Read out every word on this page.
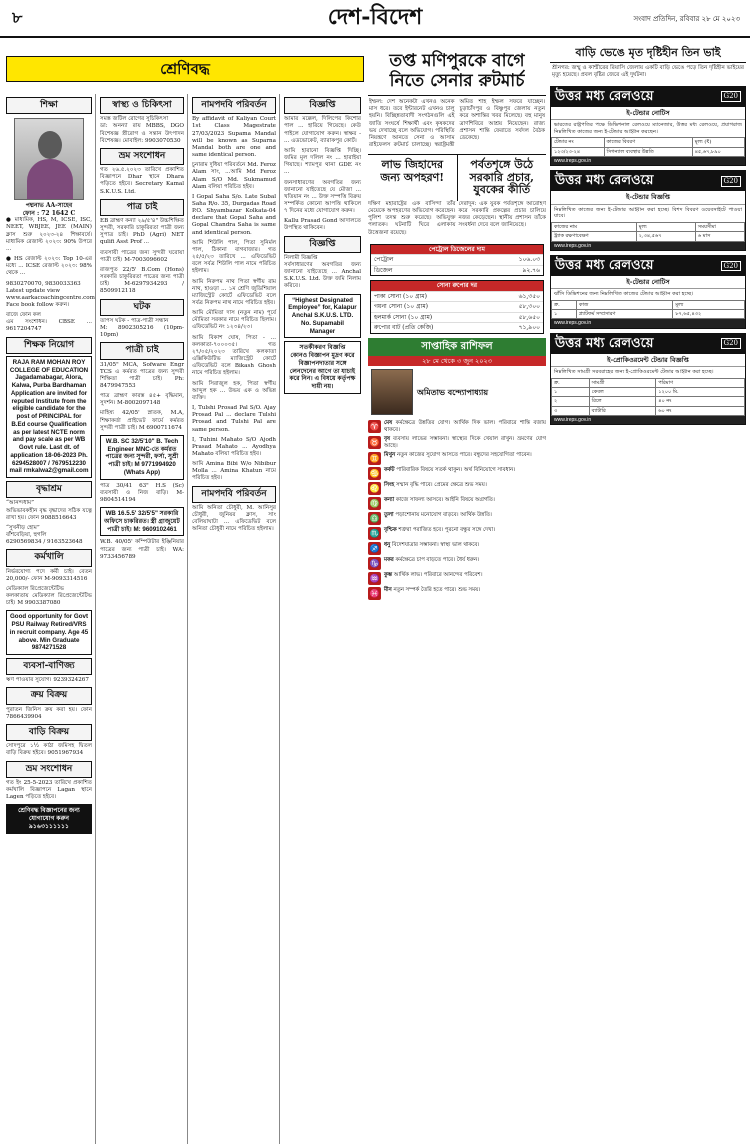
৮	দেশ-বিদেশ	সংবাদ প্রতিদিন, রবিবার ২৮ মে ২০২৩
শ্রেণিবদ্ধ
শিক্ষা
পদ্মনাভ AA-সাহেব
ফোন : 72 1642 C
● মাধ্যমিক, HS, M, ICSE, ISC, NEET, WBJEE, JEE (MAIN) ক্লাস শুরু ২০২৩-২৪ শিক্ষাবর্ষে। মাধ্যমিক রেজাল্ট ২০২৩: 90% উপরে ...
● HS রেজাল্ট ২০২৩: Top 10-এর মধ্যে ... ICSE রেজাল্ট ২০২৩: 98% থেকে ...
9830270070, 9830033363
Latest update view
www.aarkacoachingcentre.com
Face book follow করুন।
বাজে ফোন কল
এম সংশোধন। CBSE ... 9617204747
শিক্ষক নিয়োগ
RAJA RAM MOHAN ROY COLLEGE OF EDUCATION Jagadamabagar, Alora, Kalwa, Purba Bardhaman
Application are invited for reputed Institute from the eligible candidate for the post of PRINCIPAL for B.Ed course Qualification as per latest NCTE norm and pay scale as per WB Govt rule. Last dt. of application 18-06-2023 Ph. 6294528007 / 7679512230
mail rmkalwa2@gmail.com
বৃদ্ধাশ্রম
“আনন্দধাম”
অভিভাবকহীন বৃদ্ধ বৃদ্ধাদের সঠিক যত্নে রাখা হয়। ফোন 9088516643
“সুখনীড় হোম”
বাঁশবেড়িয়া, হুগলি
6290569834 / 9163523648
কর্মখালি
নির্ভরযোগ্য পদে কর্মী চাই। বেতন 20,000/- ফোন M-9093314516
মেডিক্যাল রিপ্রেজেন্টেটিভ
কলকাতায় মেডিক্যাল রিপ্রেজেন্টেটিভ চাই। M 9903387080
Good opportunity for Govt PSU Railway Retired/VRS in recruit company. Age 45 above. Min Graduate 9874271528
ব্যবসা-বাণিজ্য
ঋণ পাওয়ার সুযোগ। 9239324267
ক্রয় বিক্রয়
পুরাতন জিনিস ক্রয় করা হয়। ফোন 7866439904
বাড়ি বিক্রয়
সোদপুরে ১½ কাঠা জমিসহ দ্বিতল বাড়ি বিক্রয় হইবে। 9051967934
ভ্রম সংশোধন
গত ইং 25-5-2023 তারিখে প্রকাশিত কর্মখালি বিজ্ঞাপনে Lagan স্থানে Lagen পড়িতে হইবে।
শ্রেণিবদ্ধ বিজ্ঞাপনের জন্য যোগাযোগ করুন
৯১৬৩১১১১১১
স্বাস্থ্য ও চিকিৎসা
সমস্ত জটিল রোগের সুচিকিৎসা
ডা: অনন্যা রায় MBBS, DGO বিশেষজ্ঞ স্ত্রীরোগ ও সন্তান উৎপাদন বিশেষজ্ঞ। মোবাইল: 9903070530
ভ্রম সংশোধন
গত ২৬.৫.২০২৩ তারিখে প্রকাশিত বিজ্ঞাপনে Dhar স্থানে Dhara পড়িতে হইবে। Secretary Kamal S.K.U.S. Ltd.
পাত্র চাই
EB ব্রাহ্মণ কন্যা ২৯/৫'৪" উচ্চশিক্ষিত সুন্দরী, সরকারি চাকুরিরতা পাত্রী জন্য সুপাত্র চাই। PhD (Agri) NET qulifi Asst Prof ...
ব্যবসায়ী পাত্রের জন্য সুন্দরী ঘরোয়া পাত্রী চাই। M-7003096602
রাজপুত 22/5' B.Com (Hons) সরকারি চাকুরিরতা পাত্রের জন্য পাত্রী চাই। M-6297934293 / 8509912118
ঘটক
তাপস ঘটক - পাত্র-পাত্রী সন্ধান
M: 8902305216 (10pm-10pm)
পাত্রী চাই
31/05" MCA, Sofware Engr TCS এ কর্মরত পাত্রের জন্য সুন্দরী শিক্ষিতা পাত্রী চাই। Ph: 8479947553
পাত্র ব্রাহ্মণ কারস্ত ৪৫+ বৃদ্ধিমান, সুদর্শন। M-8002097148
মাহিষ্য 42/05' স্নাতক, M.A, শিক্ষাকর্তা প্রাইভেট ফার্মে কর্মরত সুন্দরী পাত্রী চাই। M 6900711674
W.B. SC 32/5'10" B. Tech Engineer MNC-তে কর্মরত পাত্রের জন্য সুন্দরী, ফর্সা, সুশ্রী পাত্রী চাই। M 9771994920 (Whats App)
পাত্র 30/41 63" H.S (Sc) ব্যবসায়ী ও নিজ বাড়ি। M-9804514194
WB 16.5.5' 32/5'5" সরকারি অফিসে চাকরিরত। স্ত্রী গ্রাজুয়েট পাত্রী চাই। M: 9609102461
W.B. 40/05' কম্পিউটার ইঞ্জিনিয়ার পাত্রের জন্য পাত্রী চাই। WA: 9733456789
নামপদবি পরিবর্তন
By affidavit of Kaliyan Court 1st Class Magestrate 27/03/2023 Supama Mandal will be known as Suparna Mandal both are one and same identical person.
চুনারাম দুধিয়া পরিবর্তনে Md. Feroz Alam সাং, ...আমি Md Feroz Alam S/O Md. Sukmamud Alam বলিয়া পরিচিত হইব।
I Gopal Saha S/o. Late Subal Saha R/o. 35, Durgadas Road P.O. Shyambazar Kolkata-04 declare that Gopal Saha and Gopal Chandra Saha is same and identical person.
আমি শিউলি পাল, পিতা সুনির্মল পাল, ঠিকানা বাগবাজার। গত ২৫/৫/২৩ তারিখে ... এফিডেভিট বলে সর্বত্র শিউলি পাল নামে পরিচিত হইলাম।
আমি নিরুপম নাথ পিতা স্বর্গীয় রাম নাথ, হাওড়া ... ১ম শ্রেণি জুডিশিয়াল ম্যাজিস্ট্রেট কোর্টে এফিডেভিট বলে সর্বত্র নিরুপম নাথ নামে পরিচিত হইব।
আমি মৌমিতা দাস (নতুন নাম) পূর্বে মৌমিতা সরকার নামে পরিচিত ছিলাম। এফিডেভিট নং ১২৩৪/২৩।
আমি বিকাশ ঘোষ, পিতা - ... কলকাতা-৭০০০৩৫। গত ২৭/০৫/২০২৩ তারিখে কলকাতা এক্সিকিউটিভ ম্যাজিস্ট্রেট কোর্টে এফিডেভিট বলে Bikash Ghosh নামে পরিচিত হইলাম।
আমি সিরাজুল হক, পিতা স্বর্গীয় আব্দুল হক ... উভয় এক ও অভিন্ন ব্যক্তি।
I, Tulshi Prosad Pal S/O. Ajay Prosad Pal ... declare Tulshi Prosad and Tulshi Pal are same person.
I, Tuhini Mahato S/O Ajodh Prasad Mahato ... Ayodhya Mahato বলিয়া পরিচিত হইব।
আমি Amina Bibi W/o Nibibur Molla ... Amina Khatun নামে পরিচিত হইব।
নামপদবি পরিবর্তন
আমি অনিতা চৌধুরী, M. আনিসুর চৌধুরী, জুনিয়র ক্লাস, সাং বেলিয়াঘাটা ... এফিডেভিট বলে অনিতা চৌধুরী নামে পরিচিত হইলাম।
বিজ্ঞপ্তি
আমার মক্কেল, দিলিপের কিশোর পাল ... হারিয়ে গিয়েছে। কেউ পাইলে যোগাযোগ করুন। স্বাক্ষর - ... এডভোকেট, ব্যারাকপুর কোর্ট।
আমি হারানো বিজ্ঞপ্তি দিচ্ছি। জমির মূল দলিল নং ... হারাইয়া গিয়াছে। শ্যামপুর থানা GDE নং ...
জনসাধারণের অবগতির জন্য জানানো যাইতেছে যে মৌজা ... খতিয়ান নং ... উক্ত সম্পত্তি বিক্রয় সম্পর্কিত কোনো আপত্তি থাকিলে ৭ দিনের মধ্যে যোগাযোগ করুন।
Kallu Prasad Gond আদালতে উপস্থিত থাকিবেন।
বিজ্ঞপ্তি
নিলামী বিজ্ঞপ্তি
সর্বসাধারণের অবগতির জন্য জানানো যাইতেছে ... Anchal S.K.U.S. Ltd. উক্ত জমি নিলাম করিবে।
“Highest Designated Employee” for, Kalapur Anchal S.K.U.S. LTD.
No. Supamabil
Manager
সতর্কীকরণ বিজ্ঞপ্তি
কোনও বিজ্ঞাপন মুদ্রণ করে বিজ্ঞাপনদাতার সঙ্গে লেনদেনের আগে তা যাচাই করে নিন। এ বিষয়ে কর্তৃপক্ষ দায়ী নয়।
তপ্ত মণিপুরকে বাগে নিতে সেনার রুটমার্চ
ইম্ফল: দেশ অনেকটা এখনও অনেক মাস ধরে। তবে ইন্টারনেট এখনও চালু হয়নি। বিচ্ছিন্নতাবাদী সংগঠনগুলি এই জাতি সংঘর্ষে শিক্ষার্থী এবং কৃষকদের ভয় দেখাচ্ছে বলে অভিযোগ। পরিস্থিতি নিয়ন্ত্রণে আনতে সেনা ও আসাম রাইফেলস রুটমার্চ চালাচ্ছে। স্বরাষ্ট্রমন্ত্রী অমিত শাহ ইম্ফল সফরে যাচ্ছেন। চূড়াচাঁদপুর ও বিষ্ণুপুর জেলায় নতুন করে অশান্তির খবর মিলেছে। বহু মানুষ ত্রাণশিবিরে আশ্রয় নিয়েছেন। রাজ্য প্রশাসন শান্তি ফেরাতে সর্বদল বৈঠক ডেকেছে।
লাভ জিহাদের জন্য অপহরণ!
পর্বতশৃঙ্গে উঠে সরকারি প্রচার, যুবকের কীর্তি
দক্ষিণ মহারাষ্ট্রের এক বাসিন্দা তাঁর মেয়েকে অপহরণের অভিযোগ করেছেন। পুলিশ তদন্ত শুরু করেছে। অভিযুক্ত পলাতক। ঘটনাটি ঘিরে এলাকায় উত্তেজনা রয়েছে।
দেরাদুন: এক যুবক পর্বতশৃঙ্গে আরোহণ করে সরকারি প্রকল্পের প্রচার চালিয়ে নজর কেড়েছেন। স্থানীয় প্রশাসন তাঁকে সংবর্ধনা দেবে বলে জানিয়েছে।
পেট্রোল ডিজেলের দাম
পেট্রোল	১০৬.০৩
ডিজেল	৯২.৭৬
সোনা রুপোর দর
পাকা সোনা (১০ গ্রাম)	৬১,৩৫০
গয়না সোনা (১০ গ্রাম)	৫৮,৩০০
হলমার্ক সোনা (১০ গ্রাম)	৫৮,৬৫০
রুপোর বাট (প্রতি কেজি)	৭১,৯০০
সাপ্তাহিক রাশিফল
২৮ মে থেকে ৩ জুন ২০২৩
অমিতাভ বন্দ্যোপাধ্যায়
♈ মেষ কর্মক্ষেত্রে উন্নতির যোগ। আর্থিক দিক ভাল। পরিবারে শান্তি বজায় থাকবে।
♉ বৃষ ব্যবসায় লাভের সম্ভাবনা। স্বাস্থ্যের দিকে খেয়াল রাখুন। ভ্রমণের যোগ আছে।
♊ মিথুন নতুন কাজের সুযোগ আসতে পারে। বন্ধুদের সহযোগিতা পাবেন।
♋ কর্কট পারিবারিক বিষয়ে সতর্ক থাকুন। অর্থ বিনিয়োগে সাবধান।
♌ সিংহ সম্মান বৃদ্ধি পাবে। প্রেমের ক্ষেত্রে শুভ সময়।
♍ কন্যা কাজে সাফল্য আসবে। আইনি বিষয়ে অগ্রগতি।
♎ তুলা পড়াশোনায় মনোযোগ বাড়বে। আর্থিক উন্নতি।
♏ বৃশ্চিক শত্রুরা পরাজিত হবে। পুরনো বন্ধুর সঙ্গে দেখা।
♐ ধনু বিদেশযাত্রার সম্ভাবনা। স্বাস্থ্য ভাল থাকবে।
♑ মকর কর্মক্ষেত্রে চাপ বাড়তে পারে। ধৈর্য ধরুন।
♒ কুম্ভ আর্থিক লাভ। পরিবারে আনন্দের পরিবেশ।
♓ মীন নতুন সম্পর্ক তৈরি হতে পারে। শুভ সময়।
বাড়ি ভেঙে মৃত দৃষ্টিহীন তিন ভাই
শ্রীনগর: জম্মু ও কাশ্মীরের রিয়াসি জেলায় একটি বাড়ি ভেঙে পড়ে তিন দৃষ্টিহীন ভাইয়ের মৃত্যু হয়েছে। প্রবল বৃষ্টির জেরে এই দুর্ঘটনা।
উত্তর মধ্য রেলওয়ে	G20
ই-টেন্ডার নোটিস
ভারতের রাষ্ট্রপতির পক্ষে ডিভিশনাল রেলওয়ে ম্যানেজার, উত্তর মধ্য রেলওয়ে, প্রয়াগরাজ নিম্নলিখিত কাজের জন্য ই-টেন্ডার আহ্বান করছেন।
টেন্ডার নং	কাজের বিবরণ	মূল্য (₹)
১২৩/২৩-২৪	সিগন্যাল ব্যবস্থার উন্নতি	৪৫,৬৭,৮৯০
www.ireps.gov.in
উত্তর মধ্য রেলওয়ে	G20
ই-টেন্ডার বিজ্ঞপ্তি
নিম্নলিখিত কাজের জন্য ই-টেন্ডার আহ্বান করা হচ্ছে। বিশদ বিবরণ ওয়েবসাইটে পাওয়া যাবে।
কাজের নাম	মূল্য	সময়সীমা
ট্র্যাক রক্ষণাবেক্ষণ	২,৩৪,৫৬৭	৬ মাস
www.ireps.gov.in
উত্তর মধ্য রেলওয়ে	G20
ই-টেন্ডার নোটিস
ঝাঁসি ডিভিশনের জন্য নিম্নলিখিত কাজের টেন্ডার আহ্বান করা হচ্ছে।
ক্র.	কাজ	মূল্য
১	প্ল্যাটফর্ম সম্প্রসারণ	৮৭,৬৫,৪৩২
www.ireps.gov.in
উত্তর মধ্য রেলওয়ে	G20
ই-প্রোকিওরমেন্ট টেন্ডার বিজ্ঞপ্তি
নিম্নলিখিত সামগ্রী সরবরাহের জন্য ই-প্রোকিওরমেন্ট টেন্ডার আহ্বান করা হচ্ছে।
ক্র.	সামগ্রী	পরিমাণ
১	কেবল	১২০০ মি.
২	রিলে	৪০ নং
৩	ব্যাটারি	৬০ নং
www.ireps.gov.in
